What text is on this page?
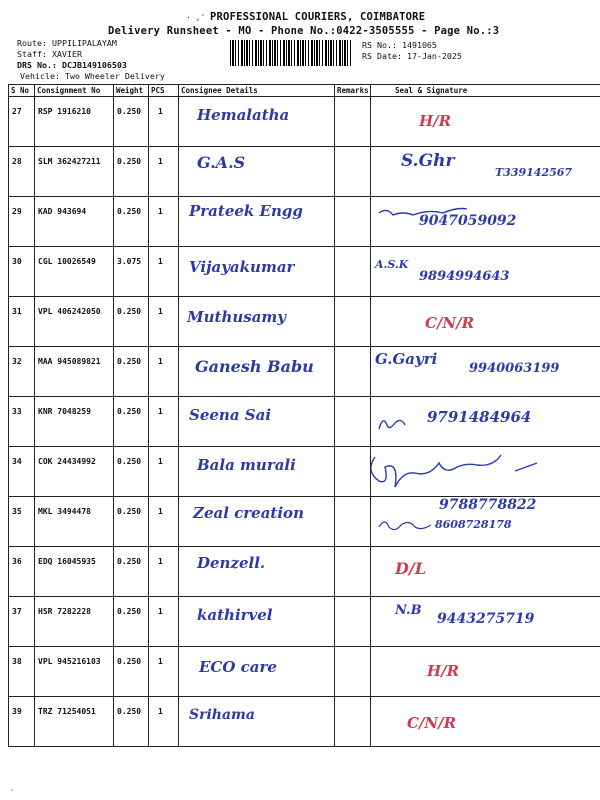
· ,' PROFESSIONAL COURIERS, COIMBATORE
Delivery Runsheet - MO - Phone No.:0422-3505555 - Page No.:3
Route: UPPILIPALAYAM
Staff: XAVIER
DRS No.: DCJB149106503
Vehicle: Two Wheeler Delivery
RS No.: 1491065
RS Date: 17-Jan-2025
S No	Consignment No	Weight	PCS	Consignee Details	Remarks	Seal & Signature
27	RSP 1916210	0.250	1	Hemalatha		H/R

28	SLM 362427211	0.250	1	G.A.S		S.Ghr
T339142567

29	KAD 943694	0.250	1	Prateek Engg		9047059092

30	CGL 10026549	3.075	1	Vijayakumar		A.S.K
9894994643

31	VPL 406242050	0.250	1	Muthusamy		C/N/R

32	MAA 945089821	0.250	1	Ganesh Babu		G.Gayri
9940063199

33	KNR 7048259	0.250	1	Seena Sai		9791484964

34	COK 24434992	0.250	1	Bala murali

35	MKL 3494478	0.250	1	Zeal creation		9788778822
8608728178

36	EDQ 16045935	0.250	1	Denzell.		D/L

37	HSR 7282228	0.250	1	kathirvel		N.B
9443275719

38	VPL 945216103	0.250	1	ECO care		H/R

39	TRZ 71254051	0.250	1	Srihama		C/N/R
'
